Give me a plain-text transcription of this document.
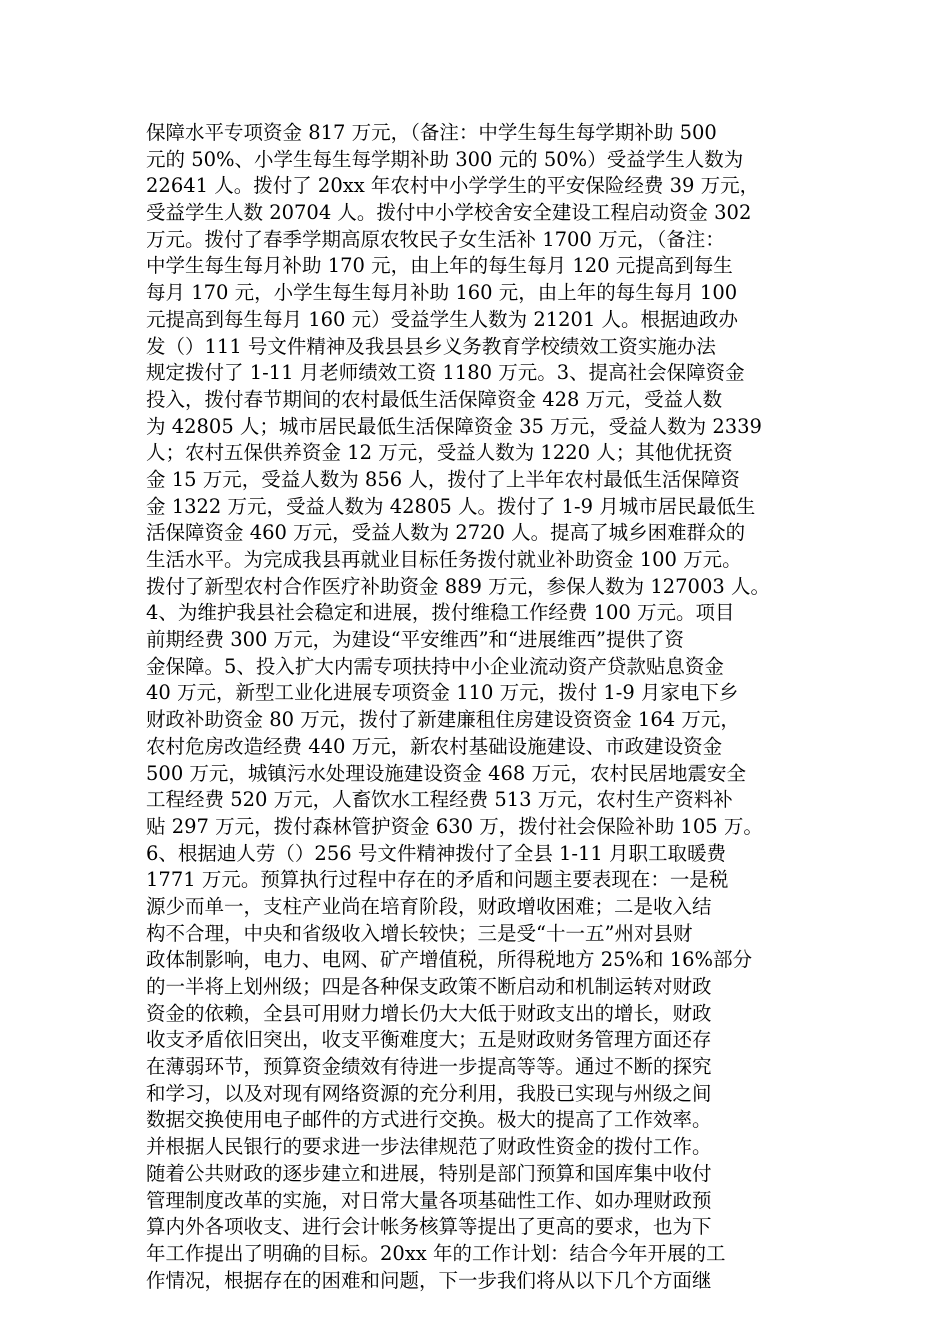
保障水平专项资金 817 万元，（备注：中学生每生每学期补助 500
元的 50%、小学生每生每学期补助 300 元的 50%）受益学生人数为
22641 人。拨付了 20xx 年农村中小学学生的平安保险经费 39 万元，
受益学生人数 20704 人。拨付中小学校舍安全建设工程启动资金 302
万元。拨付了春季学期高原农牧民子女生活补 1700 万元，（备注：
中学生每生每月补助 170 元，由上年的每生每月 120 元提高到每生
每月 170 元，小学生每生每月补助 160 元，由上年的每生每月 100
元提高到每生每月 160 元）受益学生人数为 21201 人。根据迪政办
发（）111 号文件精神及我县县乡义务教育学校绩效工资实施办法
规定拨付了 1-11 月老师绩效工资 1180 万元。3、提高社会保障资金
投入，拨付春节期间的农村最低生活保障资金 428 万元，受益人数
为 42805 人；城市居民最低生活保障资金 35 万元，受益人数为 2339
人；农村五保供养资金 12 万元，受益人数为 1220 人；其他优抚资
金 15 万元，受益人数为 856 人，拨付了上半年农村最低生活保障资
金 1322 万元，受益人数为 42805 人。拨付了 1-9 月城市居民最低生
活保障资金 460 万元，受益人数为 2720 人。提高了城乡困难群众的
生活水平。为完成我县再就业目标任务拨付就业补助资金 100 万元。
拨付了新型农村合作医疗补助资金 889 万元，参保人数为 127003 人。
4、为维护我县社会稳定和进展，拨付维稳工作经费 100 万元。项目
前期经费 300 万元，为建设“平安维西”和“进展维西”提供了资
金保障。5、投入扩大内需专项扶持中小企业流动资产贷款贴息资金
40 万元，新型工业化进展专项资金 110 万元，拨付 1-9 月家电下乡
财政补助资金 80 万元，拨付了新建廉租住房建设资资金 164 万元，
农村危房改造经费 440 万元，新农村基础设施建设、市政建设资金
500 万元，城镇污水处理设施建设资金 468 万元，农村民居地震安全
工程经费 520 万元，人畜饮水工程经费 513 万元，农村生产资料补
贴 297 万元，拨付森林管护资金 630 万，拨付社会保险补助 105 万。
6、根据迪人劳（）256 号文件精神拨付了全县 1-11 月职工取暖费
1771 万元。预算执行过程中存在的矛盾和问题主要表现在：一是税
源少而单一，支柱产业尚在培育阶段，财政增收困难；二是收入结
构不合理，中央和省级收入增长较快；三是受“十一五”州对县财
政体制影响，电力、电网、矿产增值税，所得税地方 25%和 16%部分
的一半将上划州级；四是各种保支政策不断启动和机制运转对财政
资金的依赖，全县可用财力增长仍大大低于财政支出的增长，财政
收支矛盾依旧突出，收支平衡难度大；五是财政财务管理方面还存
在薄弱环节，预算资金绩效有待进一步提高等等。通过不断的探究
和学习，以及对现有网络资源的充分利用，我股已实现与州级之间
数据交换使用电子邮件的方式进行交换。极大的提高了工作效率。
并根据人民银行的要求进一步法律规范了财政性资金的拨付工作。
随着公共财政的逐步建立和进展，特别是部门预算和国库集中收付
管理制度改革的实施，对日常大量各项基础性工作、如办理财政预
算内外各项收支、进行会计帐务核算等提出了更高的要求，也为下
年工作提出了明确的目标。20xx 年的工作计划：结合今年开展的工
作情况，根据存在的困难和问题，下一步我们将从以下几个方面继
